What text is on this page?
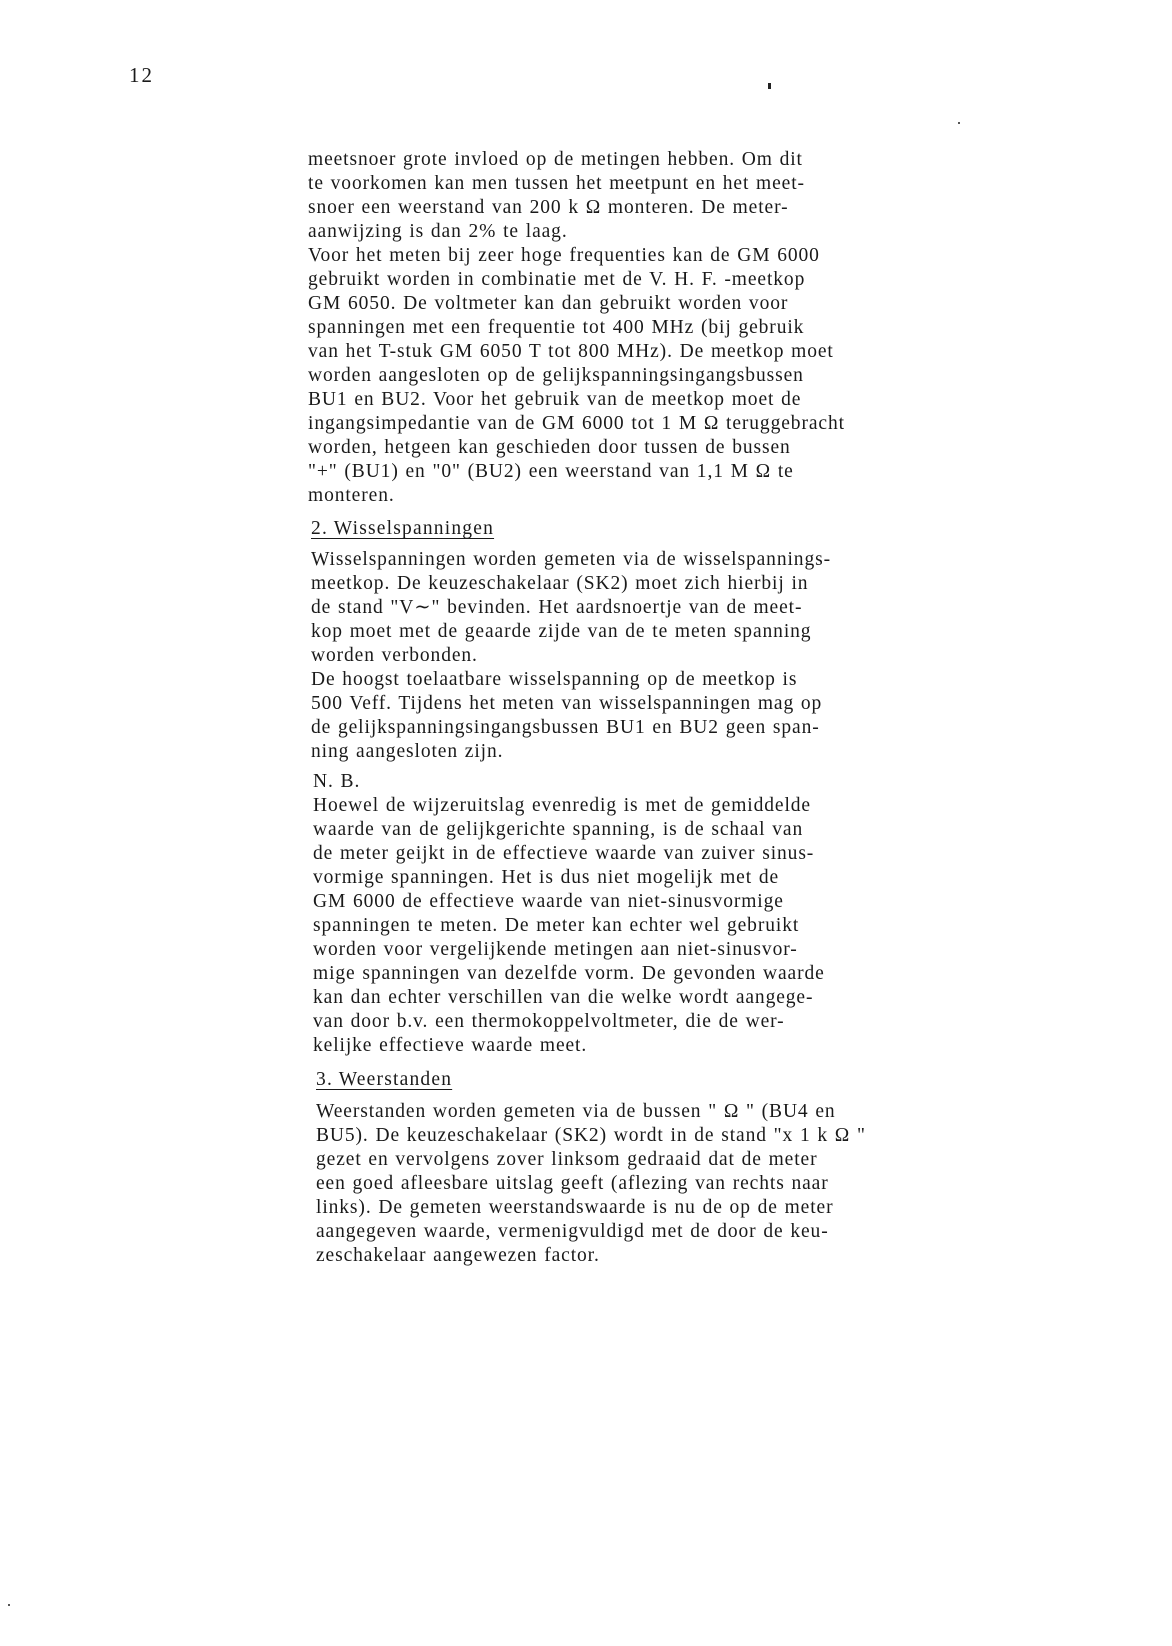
12
meetsnoer grote invloed op de metingen hebben. Om dit
te voorkomen kan men tussen het meetpunt en het meet-
snoer een weerstand van 200 k Ω monteren. De meter-
aanwijzing is dan 2% te laag.
Voor het meten bij zeer hoge frequenties kan de GM 6000
gebruikt worden in combinatie met de V. H. F. -meetkop
GM 6050. De voltmeter kan dan gebruikt worden voor
spanningen met een frequentie tot 400 MHz (bij gebruik
van het T-stuk GM 6050 T tot 800 MHz). De meetkop moet
worden aangesloten op de gelijkspanningsingangsbussen
BU1 en BU2. Voor het gebruik van de meetkop moet de
ingangsimpedantie van de GM 6000 tot 1 M Ω teruggebracht
worden, hetgeen kan geschieden door tussen de bussen
"+" (BU1) en "0" (BU2) een weerstand van 1,1 M Ω te
monteren.
2. Wisselspanningen
Wisselspanningen worden gemeten via de wisselspannings-
meetkop. De keuzeschakelaar (SK2) moet zich hierbij in
de stand "V∼" bevinden. Het aardsnoertje van de meet-
kop moet met de geaarde zijde van de te meten spanning
worden verbonden.
De hoogst toelaatbare wisselspanning op de meetkop is
500 Veff. Tijdens het meten van wisselspanningen mag op
de gelijkspanningsingangsbussen BU1 en BU2 geen span-
ning aangesloten zijn.
N. B.
Hoewel de wijzeruitslag evenredig is met de gemiddelde
waarde van de gelijkgerichte spanning, is de schaal van
de meter geijkt in de effectieve waarde van zuiver sinus-
vormige spanningen. Het is dus niet mogelijk met de
GM 6000 de effectieve waarde van niet-sinusvormige
spanningen te meten. De meter kan echter wel gebruikt
worden voor vergelijkende metingen aan niet-sinusvor-
mige spanningen van dezelfde vorm. De gevonden waarde
kan dan echter verschillen van die welke wordt aangege-
van door b.v. een thermokoppelvoltmeter, die de wer-
kelijke effectieve waarde meet.
3. Weerstanden
Weerstanden worden gemeten via de bussen " Ω " (BU4 en
BU5). De keuzeschakelaar (SK2) wordt in de stand "x 1 k Ω "
gezet en vervolgens zover linksom gedraaid dat de meter
een goed afleesbare uitslag geeft (aflezing van rechts naar
links). De gemeten weerstandswaarde is nu de op de meter
aangegeven waarde, vermenigvuldigd met de door de keu-
zeschakelaar aangewezen factor.
